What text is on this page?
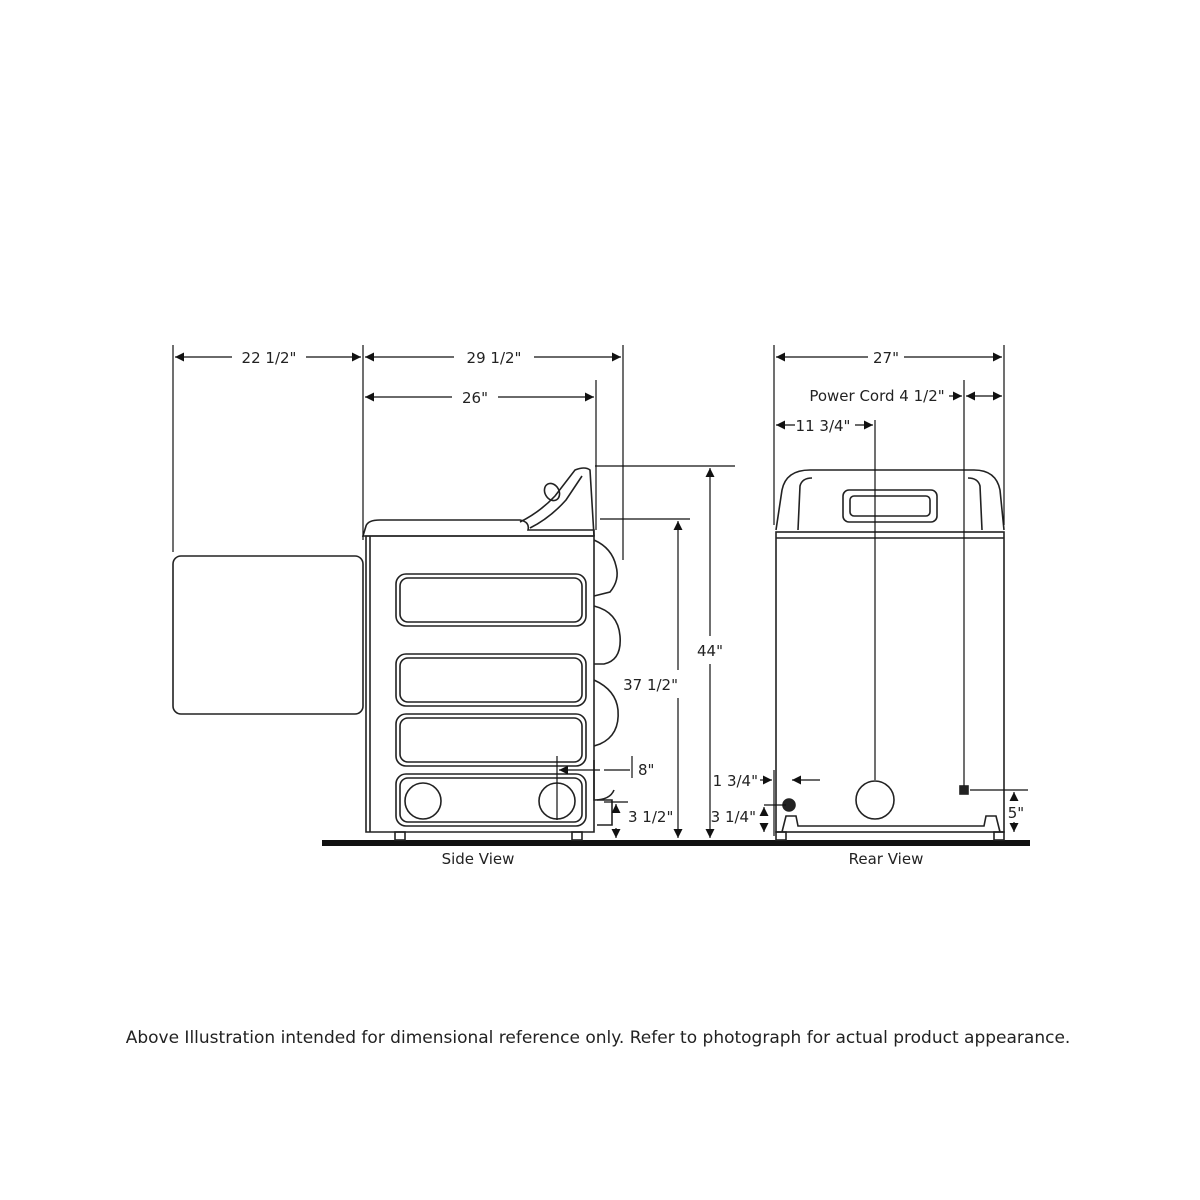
22 1/2"	29 1/2"
26"
44"
37 1/2"
8"
3 1/2"
Side View
27"
Power Cord 4 1/2"
11 3/4"
1 3/4"
3 1/4"	5"
Rear View
Above Illustration intended for dimensional reference only. Refer to photograph for actual product appearance.
